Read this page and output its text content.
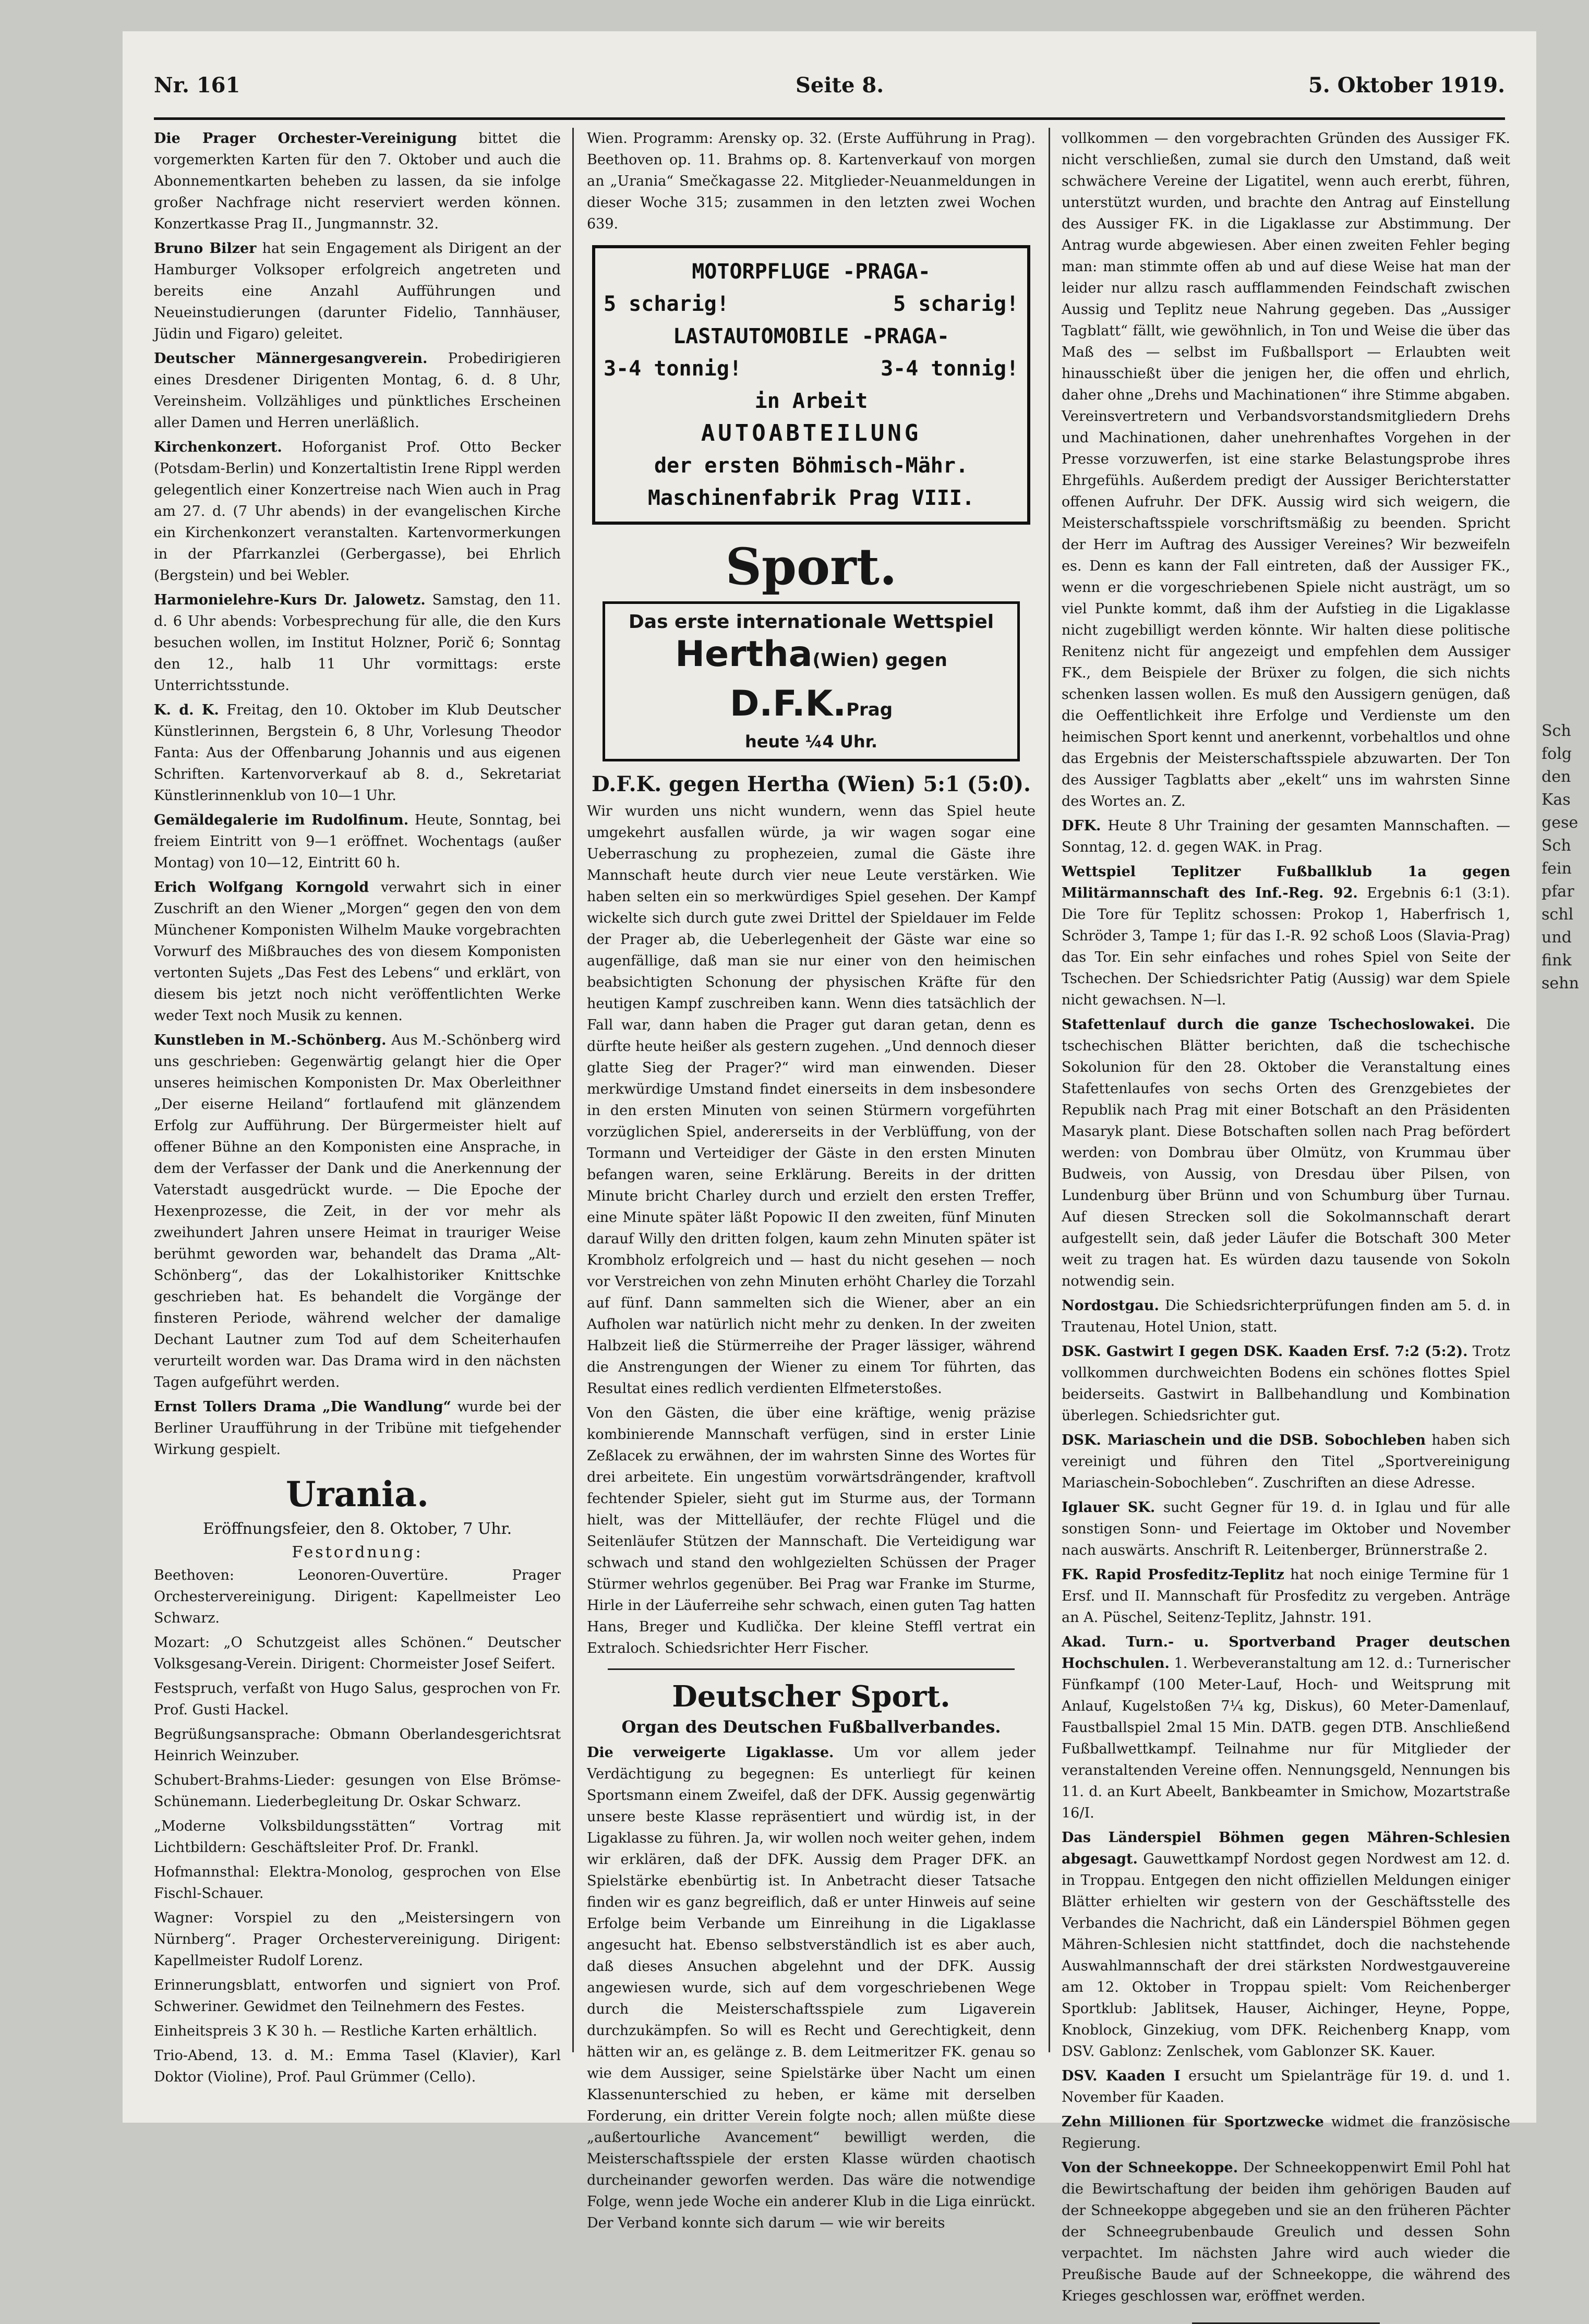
Nr. 161	Seite 8.	5. Oktober 1919.

Die Prager Orchester-Vereinigung bittet die vorgemerkten Karten für den 7. Oktober und auch die Abonnementkarten beheben zu lassen, da sie infolge großer Nachfrage nicht reserviert werden können. Konzertkasse Prag II., Jungmannstr. 32.

Bruno Bilzer hat sein Engagement als Dirigent an der Hamburger Volksoper erfolgreich angetreten und bereits eine Anzahl Aufführungen und Neueinstudierungen (darunter Fidelio, Tannhäuser, Jüdin und Figaro) geleitet.

Deutscher Männergesangverein. Probedirigieren eines Dresdener Dirigenten Montag, 6. d. 8 Uhr, Vereinsheim. Vollzähliges und pünktliches Erscheinen aller Damen und Herren unerläßlich.

Kirchenkonzert. Hoforganist Prof. Otto Becker (Potsdam-Berlin) und Konzertaltistin Irene Rippl werden gelegentlich einer Konzertreise nach Wien auch in Prag am 27. d. (7 Uhr abends) in der evangelischen Kirche ein Kirchenkonzert veranstalten. Kartenvormerkungen in der Pfarrkanzlei (Gerbergasse), bei Ehrlich (Bergstein) und bei Webler.

Harmonielehre-Kurs Dr. Jalowetz. Samstag, den 11. d. 6 Uhr abends: Vorbesprechung für alle, die den Kurs besuchen wollen, im Institut Holzner, Porič 6; Sonntag den 12., halb 11 Uhr vormittags: erste Unterrichtsstunde.

K. d. K. Freitag, den 10. Oktober im Klub Deutscher Künstlerinnen, Bergstein 6, 8 Uhr, Vorlesung Theodor Fanta: Aus der Offenbarung Johannis und aus eigenen Schriften. Kartenvorverkauf ab 8. d., Sekretariat Künstlerinnenklub von 10—1 Uhr.

Gemäldegalerie im Rudolfinum. Heute, Sonntag, bei freiem Eintritt von 9—1 eröffnet. Wochentags (außer Montag) von 10—12, Eintritt 60 h.

Erich Wolfgang Korngold verwahrt sich in einer Zuschrift an den Wiener „Morgen“ gegen den von dem Münchener Komponisten Wilhelm Mauke vorgebrachten Vorwurf des Mißbrauches des von diesem Komponisten vertonten Sujets „Das Fest des Lebens“ und erklärt, von diesem bis jetzt noch nicht veröffentlichten Werke weder Text noch Musik zu kennen.

Kunstleben in M.-Schönberg. Aus M.-Schönberg wird uns geschrieben: Gegenwärtig gelangt hier die Oper unseres heimischen Komponisten Dr. Max Oberleithner „Der eiserne Heiland“ fortlaufend mit glänzendem Erfolg zur Aufführung. Der Bürgermeister hielt auf offener Bühne an den Komponisten eine Ansprache, in dem der Verfasser der Dank und die Anerkennung der Vaterstadt ausgedrückt wurde. — Die Epoche der Hexenprozesse, die Zeit, in der vor mehr als zweihundert Jahren unsere Heimat in trauriger Weise berühmt geworden war, behandelt das Drama „Alt-Schönberg“, das der Lokalhistoriker Knittschke geschrieben hat. Es behandelt die Vorgänge der finsteren Periode, während welcher der damalige Dechant Lautner zum Tod auf dem Scheiterhaufen verurteilt worden war. Das Drama wird in den nächsten Tagen aufgeführt werden.

Ernst Tollers Drama „Die Wandlung“ wurde bei der Berliner Uraufführung in der Tribüne mit tiefgehender Wirkung gespielt.

Urania.
Eröffnungsfeier, den 8. Oktober, 7 Uhr.
Festordnung:

Beethoven: Leonoren-Ouvertüre. Prager Orchestervereinigung. Dirigent: Kapellmeister Leo Schwarz.

Mozart: „O Schutzgeist alles Schönen.“ Deutscher Volksgesang-Verein. Dirigent: Chormeister Josef Seifert.

Festspruch, verfaßt von Hugo Salus, gesprochen von Fr. Prof. Gusti Hackel.

Begrüßungsansprache: Obmann Oberlandesgerichtsrat Heinrich Weinzuber.

Schubert-Brahms-Lieder: gesungen von Else Brömse-Schünemann. Liederbegleitung Dr. Oskar Schwarz.

„Moderne Volksbildungsstätten“ Vortrag mit Lichtbildern: Geschäftsleiter Prof. Dr. Frankl.

Hofmannsthal: Elektra-Monolog, gesprochen von Else Fischl-Schauer.

Wagner: Vorspiel zu den „Meistersingern von Nürnberg“. Prager Orchestervereinigung. Dirigent: Kapellmeister Rudolf Lorenz.

Erinnerungsblatt, entworfen und signiert von Prof. Schweriner. Gewidmet den Teilnehmern des Festes.

Einheitspreis 3 K 30 h. — Restliche Karten erhältlich.

Trio-Abend, 13. d. M.: Emma Tasel (Klavier), Karl Doktor (Violine), Prof. Paul Grümmer (Cello).

Wien. Programm: Arensky op. 32. (Erste Aufführung in Prag). Beethoven op. 11. Brahms op. 8. Kartenverkauf von morgen an „Urania“ Smečkagasse 22. Mitglieder-Neuanmeldungen in dieser Woche 315; zusammen in den letzten zwei Wochen 639.

MOTORPFLUGE -PRAGA-
5 scharig!	5 scharig!
LASTAUTOMOBILE -PRAGA-
3-4 tonnig!	3-4 tonnig!
in Arbeit
AUTOABTEILUNG
der ersten Böhmisch-Mähr.
Maschinenfabrik Prag VIII.
Sport.
Das erste internationale Wettspiel
Hertha(Wien) gegen D.F.K.Prag
heute ¼4 Uhr.
D.F.K. gegen Hertha (Wien) 5:1 (5:0).

Wir wurden uns nicht wundern, wenn das Spiel heute umgekehrt ausfallen würde, ja wir wagen sogar eine Ueberraschung zu prophezeien, zumal die Gäste ihre Mannschaft heute durch vier neue Leute verstärken. Wie haben selten ein so merkwürdiges Spiel gesehen. Der Kampf wickelte sich durch gute zwei Drittel der Spieldauer im Felde der Prager ab, die Ueberlegenheit der Gäste war eine so augenfällige, daß man sie nur einer von den heimischen beabsichtigten Schonung der physischen Kräfte für den heutigen Kampf zuschreiben kann. Wenn dies tatsächlich der Fall war, dann haben die Prager gut daran getan, denn es dürfte heute heißer als gestern zugehen. „Und dennoch dieser glatte Sieg der Prager?“ wird man einwenden. Dieser merkwürdige Umstand findet einerseits in dem insbesondere in den ersten Minuten von seinen Stürmern vorgeführten vorzüglichen Spiel, andererseits in der Verblüffung, von der Tormann und Verteidiger der Gäste in den ersten Minuten befangen waren, seine Erklärung. Bereits in der dritten Minute bricht Charley durch und erzielt den ersten Treffer, eine Minute später läßt Popowic II den zweiten, fünf Minuten darauf Willy den dritten folgen, kaum zehn Minuten später ist Krombholz erfolgreich und — hast du nicht gesehen — noch vor Verstreichen von zehn Minuten erhöht Charley die Torzahl auf fünf. Dann sammelten sich die Wiener, aber an ein Aufholen war natürlich nicht mehr zu denken. In der zweiten Halbzeit ließ die Stürmerreihe der Prager lässiger, während die Anstrengungen der Wiener zu einem Tor führten, das Resultat eines redlich verdienten Elfmeterstoßes.

Von den Gästen, die über eine kräftige, wenig präzise kombinierende Mannschaft verfügen, sind in erster Linie Zeßlacek zu erwähnen, der im wahrsten Sinne des Wortes für drei arbeitete. Ein ungestüm vorwärtsdrängender, kraftvoll fechtender Spieler, sieht gut im Sturme aus, der Tormann hielt, was der Mittelläufer, der rechte Flügel und die Seitenläufer Stützen der Mannschaft. Die Verteidigung war schwach und stand den wohlgezielten Schüssen der Prager Stürmer wehrlos gegenüber. Bei Prag war Franke im Sturme, Hirle in der Läuferreihe sehr schwach, einen guten Tag hatten Hans, Breger und Kudlička. Der kleine Steffl vertrat ein Extraloch. Schiedsrichter Herr Fischer.

Deutscher Sport.
Organ des Deutschen Fußballverbandes.

Die verweigerte Ligaklasse. Um vor allem jeder Verdächtigung zu begegnen: Es unterliegt für keinen Sportsmann einem Zweifel, daß der DFK. Aussig gegenwärtig unsere beste Klasse repräsentiert und würdig ist, in der Ligaklasse zu führen. Ja, wir wollen noch weiter gehen, indem wir erklären, daß der DFK. Aussig dem Prager DFK. an Spielstärke ebenbürtig ist. In Anbetracht dieser Tatsache finden wir es ganz begreiflich, daß er unter Hinweis auf seine Erfolge beim Verbande um Einreihung in die Ligaklasse angesucht hat. Ebenso selbstverständlich ist es aber auch, daß dieses Ansuchen abgelehnt und der DFK. Aussig angewiesen wurde, sich auf dem vorgeschriebenen Wege durch die Meisterschaftsspiele zum Ligaverein durchzukämpfen. So will es Recht und Gerechtigkeit, denn hätten wir an, es gelänge z. B. dem Leitmeritzer FK. genau so wie dem Aussiger, seine Spielstärke über Nacht um einen Klassenunterschied zu heben, er käme mit derselben Forderung, ein dritter Verein folgte noch; allen müßte diese „außertourliche Avancement“ bewilligt werden, die Meisterschaftsspiele der ersten Klasse würden chaotisch durcheinander geworfen werden. Das wäre die notwendige Folge, wenn jede Woche ein anderer Klub in die Liga einrückt. Der Verband konnte sich darum — wie wir bereits

vollkommen — den vorgebrachten Gründen des Aussiger FK. nicht verschließen, zumal sie durch den Umstand, daß weit schwächere Vereine der Ligatitel, wenn auch ererbt, führen, unterstützt wurden, und brachte den Antrag auf Einstellung des Aussiger FK. in die Ligaklasse zur Abstimmung. Der Antrag wurde abgewiesen. Aber einen zweiten Fehler beging man: man stimmte offen ab und auf diese Weise hat man der leider nur allzu rasch aufflammenden Feindschaft zwischen Aussig und Teplitz neue Nahrung gegeben. Das „Aussiger Tagblatt“ fällt, wie gewöhnlich, in Ton und Weise die über das Maß des — selbst im Fußballsport — Erlaubten weit hinausschießt über die jenigen her, die offen und ehrlich, daher ohne „Drehs und Machinationen“ ihre Stimme abgaben. Vereinsvertretern und Verbandsvorstandsmitgliedern Drehs und Machinationen, daher unehrenhaftes Vorgehen in der Presse vorzuwerfen, ist eine starke Belastungsprobe ihres Ehrgefühls. Außerdem predigt der Aussiger Berichterstatter offenen Aufruhr. Der DFK. Aussig wird sich weigern, die Meisterschaftsspiele vorschriftsmäßig zu beenden. Spricht der Herr im Auftrag des Aussiger Vereines? Wir bezweifeln es. Denn es kann der Fall eintreten, daß der Aussiger FK., wenn er die vorgeschriebenen Spiele nicht austrägt, um so viel Punkte kommt, daß ihm der Aufstieg in die Ligaklasse nicht zugebilligt werden könnte. Wir halten diese politische Renitenz nicht für angezeigt und empfehlen dem Aussiger FK., dem Beispiele der Brüxer zu folgen, die sich nichts schenken lassen wollen. Es muß den Aussigern genügen, daß die Oeffentlichkeit ihre Erfolge und Verdienste um den heimischen Sport kennt und anerkennt, vorbehaltlos und ohne das Ergebnis der Meisterschaftsspiele abzuwarten. Der Ton des Aussiger Tagblatts aber „ekelt“ uns im wahrsten Sinne des Wortes an. Z.

DFK. Heute 8 Uhr Training der gesamten Mannschaften. — Sonntag, 12. d. gegen WAK. in Prag.

Wettspiel Teplitzer Fußballklub 1a gegen Militärmannschaft des Inf.-Reg. 92. Ergebnis 6:1 (3:1). Die Tore für Teplitz schossen: Prokop 1, Haberfrisch 1, Schröder 3, Tampe 1; für das I.-R. 92 schoß Loos (Slavia-Prag) das Tor. Ein sehr einfaches und rohes Spiel von Seite der Tschechen. Der Schiedsrichter Patig (Aussig) war dem Spiele nicht gewachsen. N—l.

Stafettenlauf durch die ganze Tschechoslowakei. Die tschechischen Blätter berichten, daß die tschechische Sokolunion für den 28. Oktober die Veranstaltung eines Stafettenlaufes von sechs Orten des Grenzgebietes der Republik nach Prag mit einer Botschaft an den Präsidenten Masaryk plant. Diese Botschaften sollen nach Prag befördert werden: von Dombrau über Olmütz, von Krummau über Budweis, von Aussig, von Dresdau über Pilsen, von Lundenburg über Brünn und von Schumburg über Turnau. Auf diesen Strecken soll die Sokolmannschaft derart aufgestellt sein, daß jeder Läufer die Botschaft 300 Meter weit zu tragen hat. Es würden dazu tausende von Sokoln notwendig sein.

Nordostgau. Die Schiedsrichterprüfungen finden am 5. d. in Trautenau, Hotel Union, statt.

DSK. Gastwirt I gegen DSK. Kaaden Ersf. 7:2 (5:2). Trotz vollkommen durchweichten Bodens ein schönes flottes Spiel beiderseits. Gastwirt in Ballbehandlung und Kombination überlegen. Schiedsrichter gut.

DSK. Mariaschein und die DSB. Sobochleben haben sich vereinigt und führen den Titel „Sportvereinigung Mariaschein-Sobochleben“. Zuschriften an diese Adresse.

Iglauer SK. sucht Gegner für 19. d. in Iglau und für alle sonstigen Sonn- und Feiertage im Oktober und November nach auswärts. Anschrift R. Leitenberger, Brünnerstraße 2.

FK. Rapid Prosfeditz-Teplitz hat noch einige Termine für 1 Ersf. und II. Mannschaft für Prosfeditz zu vergeben. Anträge an A. Püschel, Seitenz-Teplitz, Jahnstr. 191.

Akad. Turn.- u. Sportverband Prager deutschen Hochschulen. 1. Werbeveranstaltung am 12. d.: Turnerischer Fünfkampf (100 Meter-Lauf, Hoch- und Weitsprung mit Anlauf, Kugelstoßen 7¼ kg, Diskus), 60 Meter-Damenlauf, Faustballspiel 2mal 15 Min. DATB. gegen DTB. Anschließend Fußballwettkampf. Teilnahme nur für Mitglieder der veranstaltenden Vereine offen. Nennungsgeld, Nennungen bis 11. d. an Kurt Abeelt, Bankbeamter in Smichow, Mozartstraße 16/I.

Das Länderspiel Böhmen gegen Mähren-Schlesien abgesagt. Gauwettkampf Nordost gegen Nordwest am 12. d. in Troppau. Entgegen den nicht offiziellen Meldungen einiger Blätter erhielten wir gestern von der Geschäftsstelle des Verbandes die Nachricht, daß ein Länderspiel Böhmen gegen Mähren-Schlesien nicht stattfindet, doch die nachstehende Auswahlmannschaft der drei stärksten Nordwestgauvereine am 12. Oktober in Troppau spielt: Vom Reichenberger Sportklub: Jablitsek, Hauser, Aichinger, Heyne, Poppe, Knoblock, Ginzekiug, vom DFK. Reichenberg Knapp, vom DSV. Gablonz: Zenlschek, vom Gablonzer SK. Kauer.

DSV. Kaaden I ersucht um Spielanträge für 19. d. und 1. November für Kaaden.

Zehn Millionen für Sportzwecke widmet die französische Regierung.

Von der Schneekoppe. Der Schneekoppenwirt Emil Pohl hat die Bewirtschaftung der beiden ihm gehörigen Bauden auf der Schneekoppe abgegeben und sie an den früheren Pächter der Schneegrubenbaude Greulich und dessen Sohn verpachtet. Im nächsten Jahre wird auch wieder die Preußische Baude auf der Schneekoppe, die während des Krieges geschlossen war, eröffnet werden.

Sch
folg
den
Kas
gese
Sch
fein
pfar
schl
und
fink
sehn
